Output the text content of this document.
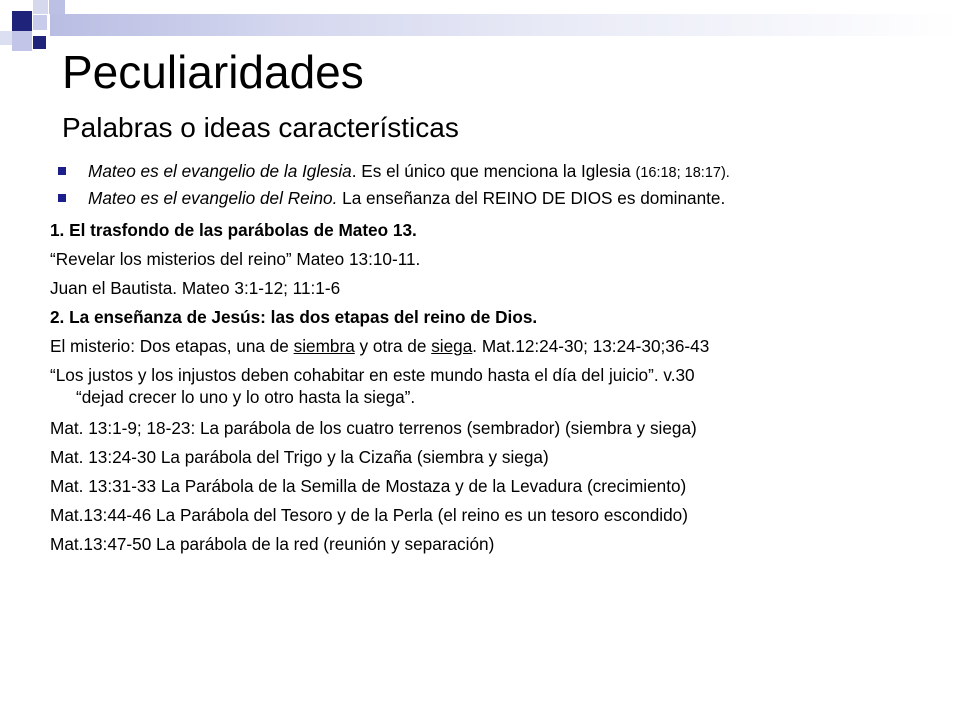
Peculiaridades
Palabras o ideas características
Mateo es el evangelio de la Iglesia. Es el único que menciona la Iglesia (16:18; 18:17).
Mateo es el evangelio del Reino. La enseñanza del REINO DE DIOS es dominante.
1. El trasfondo de las parábolas de Mateo 13.
“Revelar los misterios del reino” Mateo 13:10-11.
Juan el Bautista. Mateo 3:1-12; 11:1-6
2. La enseñanza de Jesús: las dos etapas del reino de Dios.
El misterio: Dos etapas, una de siembra y otra de siega. Mat.12:24-30; 13:24-30;36-43
“Los justos y los injustos deben cohabitar en este mundo hasta el día del juicio”. v.30
“dejad crecer lo uno y lo otro hasta la siega”.
Mat. 13:1-9; 18-23: La parábola de los cuatro terrenos (sembrador) (siembra y siega)
Mat. 13:24-30 La parábola del Trigo y la Cizaña (siembra y siega)
Mat. 13:31-33 La Parábola de la Semilla de Mostaza y de la Levadura (crecimiento)
Mat.13:44-46 La Parábola del Tesoro y de la Perla (el reino es un tesoro escondido)
Mat.13:47-50 La parábola de la red (reunión y separación)
